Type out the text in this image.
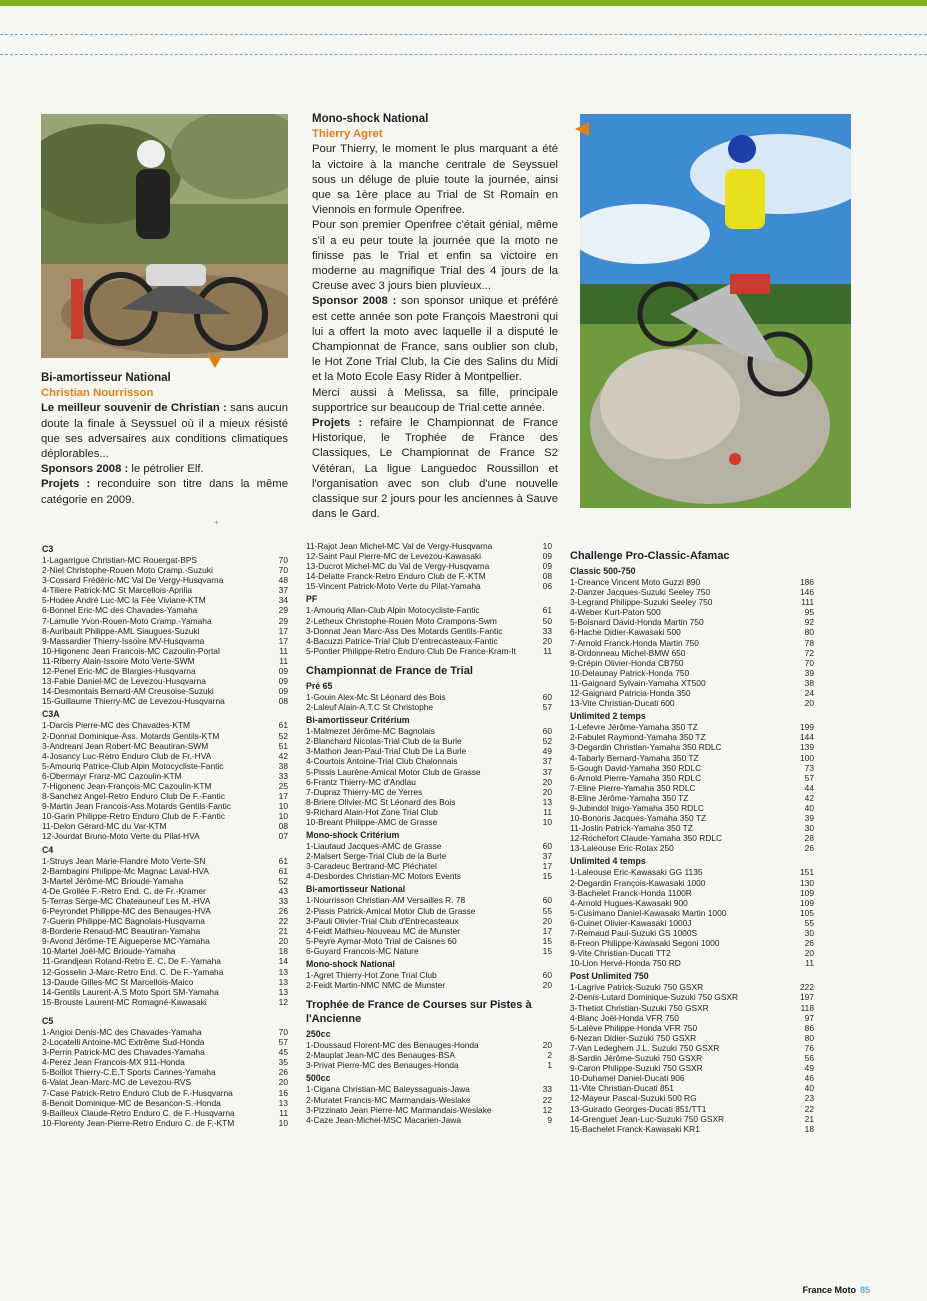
Bi-amortisseur National
Christian Nourrisson

Le meilleur souvenir de Christian : sans aucun doute la finale à Seyssuel où il a mieux résisté que ses adversaires aux conditions climatiques déplorables...

Sponsors 2008 : le pétrolier Elf.

Projets : reconduire son titre dans la même catégorie en 2009.

+
Mono-shock National
Thierry Agret

Pour Thierry, le moment le plus marquant a été la victoire à la manche centrale de Seyssuel sous un déluge de pluie toute la journée, ainsi que sa 1ère place au Trial de St Romain en Viennois en formule Openfree.

Pour son premier Openfree c'était génial, même s'il a eu peur toute la journée que la moto ne finisse pas le Trial et enfin sa victoire en moderne au magnifique Trial des 4 jours de la Creuse avec 3 jours bien pluvieux...

Sponsor 2008 : son sponsor unique et préféré est cette année son pote François Maestroni qui lui a offert la moto avec laquelle il a disputé le Championnat de France, sans oublier son club, le Hot Zone Trial Club, la Cie des Salins du Midi et la Moto Ecole Easy Rider à Montpellier.

Merci aussi à Melissa, sa fille, principale supportrice sur beaucoup de Trial cette année.

Projets : refaire le Championnat de France Historique, le Trophée de France des Classiques, Le Championnat de France S2 Vétéran, La ligue Languedoc Roussillon et l'organisation avec son club d'une nouvelle classique sur 2 jours pour les anciennes à Sauve dans le Gard.

C3
1-Lagarrigue Christian-MC Rouergat-BPS	70
2-Niel Christophe-Rouen Moto Cramp.-Suzuki	70
3-Cossard Frédéric-MC Val De Vergy-Husqvarna	48
4-Tiliere Patrick-MC St Marcellois-Aprilia	37
5-Hodee André Luc-MC la Fée Viviane-KTM	34
6-Bonnel Eric-MC des Chavades-Yamaha	29
7-Lamulle Yvon-Rouen-Moto Cramp.-Yamaha	29
8-Auribault Philippe-AML Siaugues-Suzuki	17
9-Massardier Thierry-Issoire MV-Husqvarna	17
10-Higonenc Jean Francois-MC Cazoulin-Portal	11
11-Riberry Alain-Issoire Moto Verte-SWM	11
12-Penel Eric-MC de Blargies-Husqvarna	09
13-Fabie Daniel-MC de Levezou-Husqvarna	09
14-Desmontais Bernard-AM Creusoise-Suzuki	09
15-Guillaume Thierry-MC de Levezou-Husqvarna	08
C3A
1-Darcis Pierre-MC des Chavades-KTM	61
2-Donnat Dominique-Ass. Motards Gentils-KTM	52
3-Andreani Jean Robert-MC Beautiran-SWM	51
4-Josancy Luc-Retro Enduro Club de Fr.-HVA	42
5-Amouriq Patrice-Club Alpin Motocycliste-Fantic	38
6-Obermayr Franz-MC Cazoulin-KTM	33
7-Higonenc Jean-François-MC Cazoulin-KTM	25
8-Sanchez Angel-Retro Enduro Club De F.-Fantic	17
9-Martin Jean Francois-Ass.Motards Gentils-Fantic	10
10-Garin Philippe-Retro Enduro Club de F.-Fantic	10
11-Delon Gérard-MC du Var-KTM	08
12-Jourdat Bruno-Moto Verte du Pilat-HVA	07
C4
1-Struys Jean Marie-Flandre Moto Verte-SN	61
2-Bambagini Philippe-Mc Magnac Laval-HVA	61
3-Martel Jérôme-MC Brioude-Yamaha	52
4-De Groilée F.-Retro End. C. de Fr.-Kramer	43
5-Terras Serge-MC Chateauneuf Les M.-HVA	33
6-Peyrondet Philippe-MC des Benauges-HVA	26
7-Guerin Philippe-MC Bagnolais-Husqvarna	22
8-Borderie Renaud-MC Beautiran-Yamaha	21
9-Avond Jérôme-TE Aigueperse MC-Yamaha	20
10-Martel Joël-MC Brioude-Yamaha	18
11-Grandjean Roland-Retro E. C. De F.-Yamaha	14
12-Gosselin J-Marc-Retro End. C. De F.-Yamaha	13
13-Daude Gilles-MC St Marcellois-Maico	13
14-Gentils Laurent-A.S Moto Sport SM-Yamaha	13
15-Brouste Laurent-MC Romagné-Kawasaki	12
C5
1-Angioi Denis-MC des Chavades-Yamaha	70
2-Locatelli Antoine-MC Extrême Sud-Honda	57
3-Perrin Patrick-MC des Chavades-Yamaha	45
4-Perez Jean Francois-MX 911-Honda	35
5-Boillot Thierry-C.E.T Sports Cannes-Yamaha	26
6-Valat Jean-Marc-MC de Levezou-RVS	20
7-Case Patrick-Retro Enduro Club de F.-Husqvarna	16
8-Benoit Dominique-MC de Besancon-S.-Honda	13
9-Bailleux Claude-Retro Enduro C. de F.-Husqvarna	11
10-Florenty Jean-Pierre-Retro Enduro C. de F.-KTM	10
11-Rajot Jean Michel-MC Val de Vergy-Husqvarna	10
12-Saint Paul Pierre-MC de Levezou-Kawasaki	09
13-Ducrot Michel-MC du Val de Vergy-Husqvarna	09
14-Delatte Franck-Retro Enduro Club de F.-KTM	08
15-Vincent Patrick-Moto Verte du Pilat-Yamaha	06
PF
1-Amouriq Allan-Club Alpin Motocycliste-Fantic	61
2-Letheux Christophe-Rouen Moto Crampons-Swm	50
3-Donnat Jean Marc-Ass Des Motards Gentils-Fantic	33
4-Bacuzzi Patrice-Trial Club D'entrecasteaux-Fantic	20
5-Pontier Philippe-Retro Enduro Club De France-Kram-It	11
Championnat de France de Trial
Pré 65
1-Gouin Alex-Mc St Léonard des Bois	60
2-Laleuf Alain-A.T.C St Christophe	57
Bi-amortisseur Critérium
1-Malmezet Jérôme-MC Bagnolais	60
2-Blanchard Nicolas-Trial Club de la Burle	52
3-Mathon Jean-Paul-Trial Club De La Burle	49
4-Courtois Antoine-Trial Club Chalonnais	37
5-Pissis Laurène-Amical Motor Club de Grasse	37
6-Frantz Thierry-MC d'Andlau	20
7-Dupraz Thierry-MC de Yerres	20
8-Briere Olivier-MC St Léonard des Bois	13
9-Richard Alain-Hot Zone Trial Club	11
10-Breant Philippe-AMC de Grasse	10
Mono-shock Critérium
1-Liautaud Jacques-AMC de Grasse	60
2-Malsert Serge-Trial Club de la Burle	37
3-Caradeuc Bertrand-MC Pléchatel	17
4-Desbordes Christian-MC Motors Events	15
Bi-amortisseur National
1-Nourrisson Christian-AM Versailles R. 78	60
2-Pissis Patrick-Amical Motor Club de Grasse	55
3-Pauli Olivier-Trial Club d'Entrecasteaux	20
4-Feidt Mathieu-Nouveau MC de Munster	17
5-Peyre Aymar-Moto Trial de Caisnes 60	15
6-Guyard Francois-MC Nature	15
Mono-shock National
1-Agret Thierry-Hot Zone Trial Club	60
2-Feidt Martin-NMC NMC de Munster	20
Trophée de France de Courses sur Pistes à l'Ancienne
250cc
1-Doussaud Florent-MC des Benauges-Honda	20
2-Mauplat Jean-MC des Benauges-BSA	2
3-Privat Pierre-MC des Benauges-Honda	1
500cc
1-Cigana Christian-MC Baleyssaguais-Jawa	33
2-Muratet Francis-MC Marmandais-Weslake	22
3-Pizzinato Jean Pierre-MC Marmandais-Weslake	12
4-Caze Jean-Michel-MSC Macarien-Jawa	9
Challenge Pro-Classic-Afamac
Classic 500-750
1-Creance Vincent Moto Guzzi 890	186
2-Danzer Jacques-Suzuki Seeley 750	146
3-Legrand Philippe-Suzuki Seeley 750	111
4-Weber Kurt-Paton 500	95
5-Boisnard David-Honda Martin 750	92
6-Hache Didier-Kawasaki 500	80
7-Arnold Franck-Honda Martin 750	78
8-Ordonneau Michel-BMW 650	72
9-Crépin Olivier-Honda CB750	70
10-Delaunay Patrick-Honda 750	39
11-Gaignard Sylvain-Yamaha XT500	38
12-Gaignard Patricia-Honda 350	24
13-Vite Christian-Ducati 600	20
Unlimited 2 temps
1-Lefevre Jérôme-Yamaha 350 TZ	199
2-Fabulet Raymond-Yamaha 350 TZ	144
3-Degardin Christian-Yamaha 350 RDLC	139
4-Tabarly Bernard-Yamaha 350 TZ	100
5-Gough David-Yamaha 350 RDLC	73
6-Arnold Pierre-Yamaha 350 RDLC	57
7-Eline Pierre-Yamaha 350 RDLC	44
8-Eline Jérôme-Yamaha 350 TZ	42
9-Jubindol Inigo-Yamaha 350 RDLC	40
10-Bonoris Jacques-Yamaha 350 TZ	39
11-Joslin Patrick-Yamaha 350 TZ	30
12-Rochefort Claude-Yamaha 350 RDLC	28
13-Laleouse Eric-Rotax 250	26
Unlimited 4 temps
1-Laleouse Eric-Kawasaki GG 1135	151
2-Degardin François-Kawasaki 1000	130
3-Bachelet Franck-Honda 1100R	109
4-Arnold Hugues-Kawasaki 900	109
5-Cusimano Daniel-Kawasaki Martin 1000	105
6-Cuinet Olivier-Kawasaki 1000J	55
7-Remaud Paul-Suzuki GS 1000S	30
8-Freon Philippe-Kawasaki Segoni 1000	26
9-Vite Christian-Ducati TT2	20
10-Lion Hervé-Honda 750 RD	11
Post Unlimited 750
1-Lagrive Patrick-Suzuki 750 GSXR	222
2-Denis-Lutard Dominique-Suzuki 750 GSXR	197
3-Thetiot Christian-Suzuki 750 GSXR	118
4-Blanc Joël-Honda VFR 750	97
5-Lalève Philippe-Honda VFR 750	86
6-Nezan Didier-Suzuki 750 GSXR	80
7-Van Ledeghem J.L. Suzuki 750 GSXR	76
8-Sardin Jérôme-Suzuki 750 GSXR	56
9-Caron Philippe-Suzuki 750 GSXR	49
10-Duhamel Daniel-Ducati 906	46
11-Vite Christian-Ducati 851	40
12-Mayeur Pascal-Suzuki 500 RG	23
13-Guirado Georges-Ducati 851/TT1	22
14-Grenguet Jean-Luc-Suzuki 750 GSXR	21
15-Bachelet Franck-Kawasaki KR1	18
France Moto 85
